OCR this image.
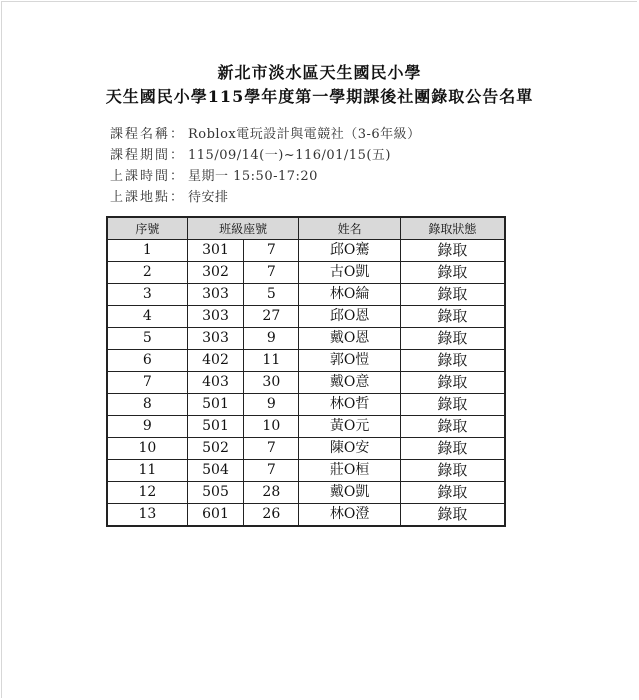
新北市淡水區天生國民小學
天生國民小學115學年度第一學期課後社團錄取公告名單
課程名稱： Roblox電玩設計與電競社（3-6年級）
課程期間： 115/09/14(一)~116/01/15(五)
上課時間： 星期一 15:50-17:20
上課地點： 待安排
序號	班級座號		姓名	錄取狀態
1	301	7	邱O騫	錄取
2	302	7	古O凱	錄取
3	303	5	林O綸	錄取
4	303	27	邱O恩	錄取
5	303	9	戴O恩	錄取
6	402	11	郭O愷	錄取
7	403	30	戴O意	錄取
8	501	9	林O哲	錄取
9	501	10	黃O元	錄取
10	502	7	陳O安	錄取
11	504	7	莊O桓	錄取
12	505	28	戴O凱	錄取
13	601	26	林O澄	錄取
